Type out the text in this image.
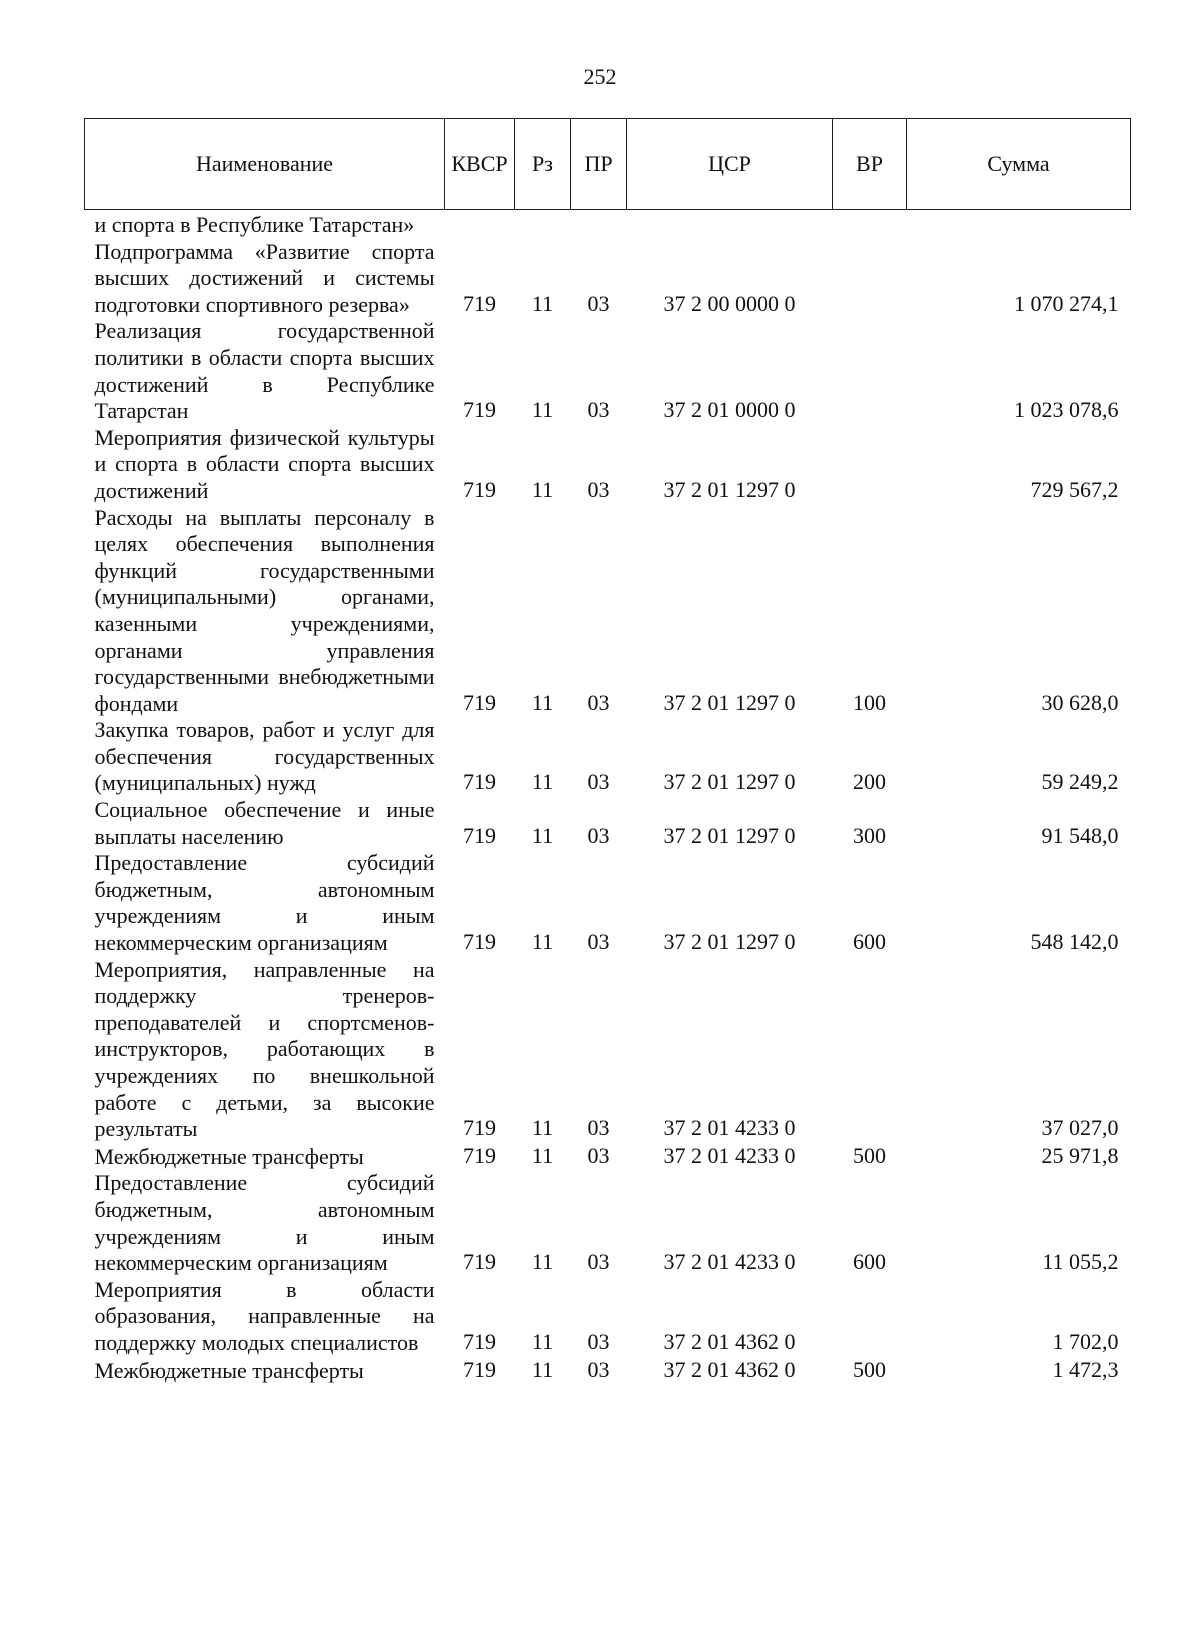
252
Наименование	КВСР	Рз	ПР	ЦСР	ВР	Сумма
и спорта в Республике Татарстан»						
Подпрограмма «Развитие спорта высших достижений и системы подготовки спортивного резерва»	719	11	03	37 2 00 0000 0		1 070 274,1
Реализация государственной политики в области спорта высших достижений в Республике Татарстан	719	11	03	37 2 01 0000 0		1 023 078,6
Мероприятия физической культуры и спорта в области спорта высших достижений	719	11	03	37 2 01 1297 0		729 567,2
Расходы на выплаты персоналу в целях обеспечения выполнения функций государственными (муниципальными) органами, казенными учреждениями, органами управления государственными внебюджетными фондами	719	11	03	37 2 01 1297 0	100	30 628,0
Закупка товаров, работ и услуг для обеспечения государственных (муниципальных) нужд	719	11	03	37 2 01 1297 0	200	59 249,2
Социальное обеспечение и иные выплаты населению	719	11	03	37 2 01 1297 0	300	91 548,0
Предоставление субсидий бюджетным, автономным учреждениям и иным некоммерческим организациям	719	11	03	37 2 01 1297 0	600	548 142,0
Мероприятия, направленные на поддержку тренеров-преподавателей и спортсменов-инструкторов, работающих в учреждениях по внешкольной работе с детьми, за высокие результаты	719	11	03	37 2 01 4233 0		37 027,0
Межбюджетные трансферты	719	11	03	37 2 01 4233 0	500	25 971,8
Предоставление субсидий бюджетным, автономным учреждениям и иным некоммерческим организациям	719	11	03	37 2 01 4233 0	600	11 055,2
Мероприятия в области образования, направленные на поддержку молодых специалистов	719	11	03	37 2 01 4362 0		1 702,0
Межбюджетные трансферты	719	11	03	37 2 01 4362 0	500	1 472,3
